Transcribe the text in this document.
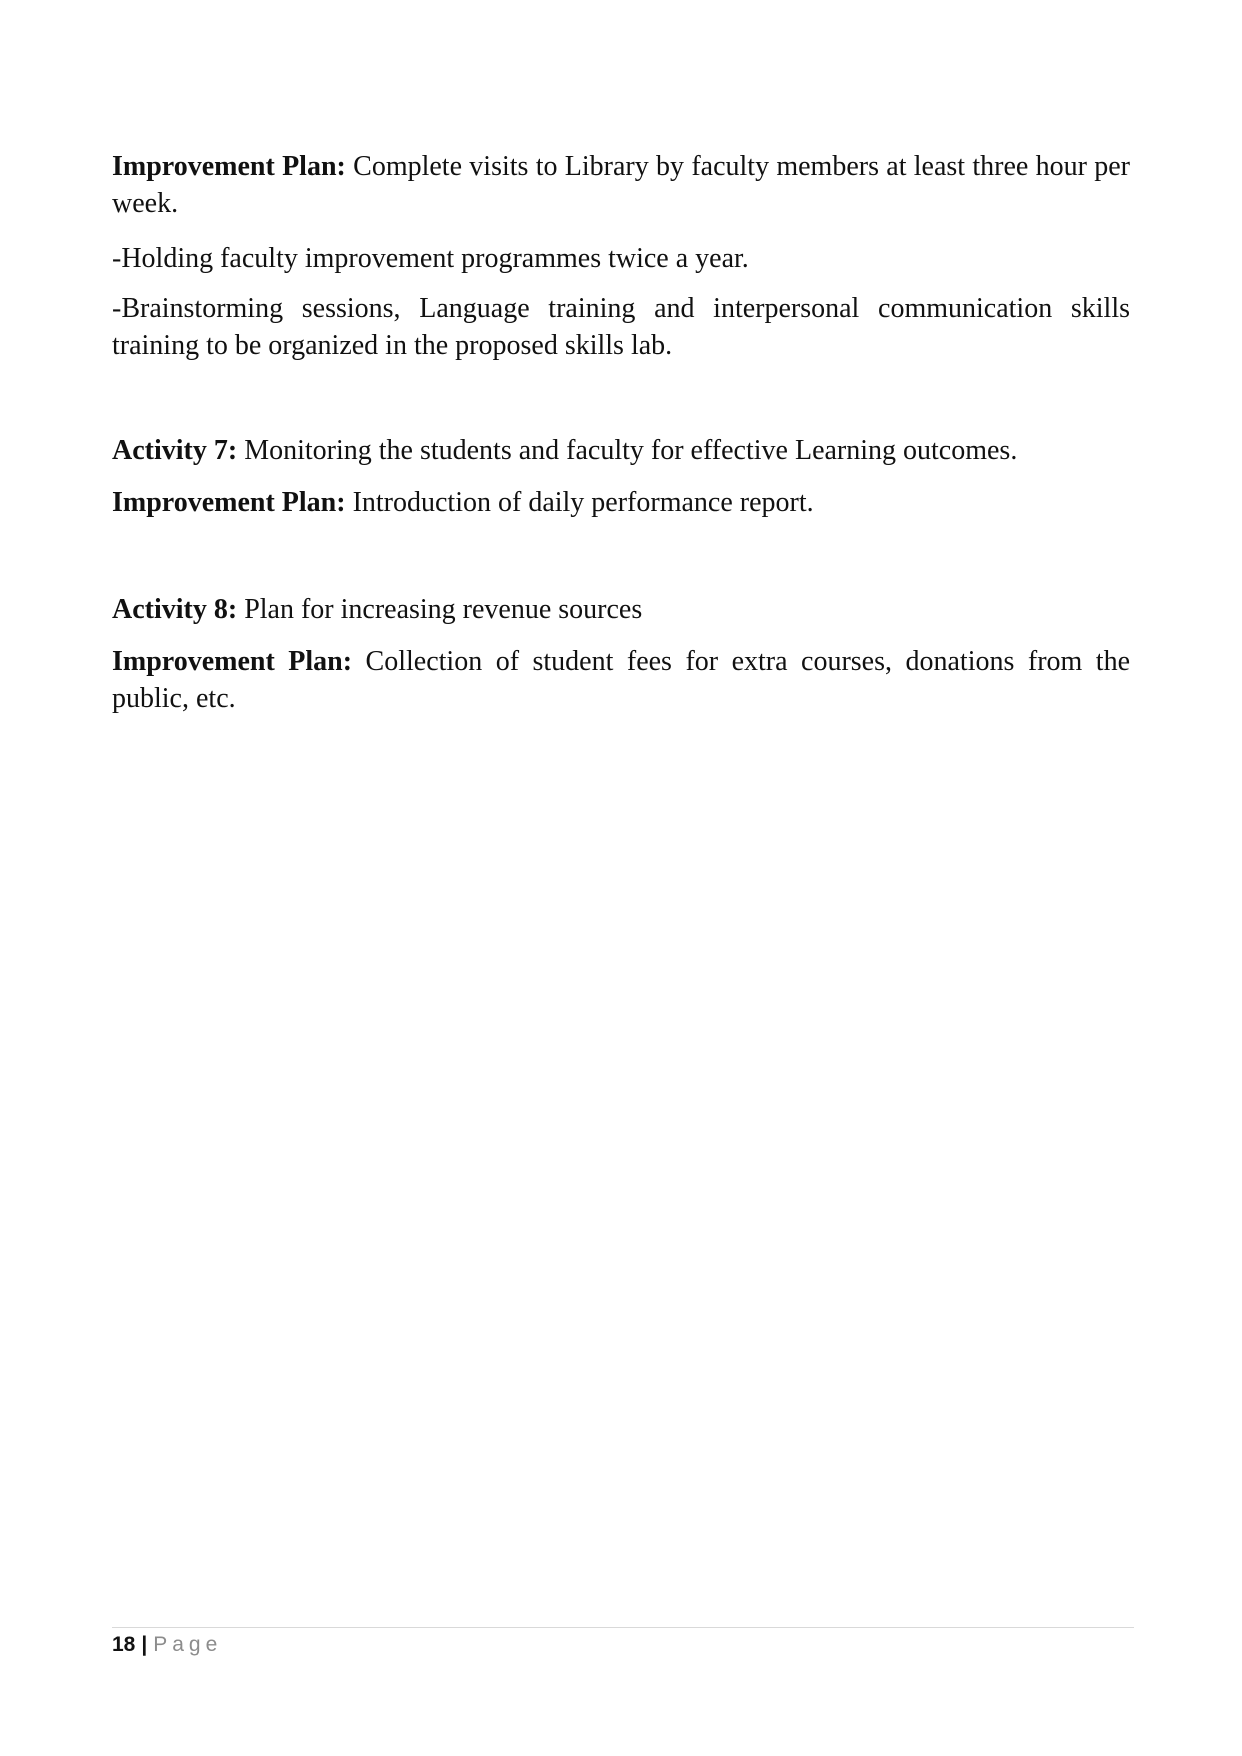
Improvement Plan: Complete visits to Library by faculty members at least three hour per week.

-Holding faculty improvement programmes twice a year.

-Brainstorming sessions, Language training and interpersonal communication skills training to be organized in the proposed skills lab.

Activity 7: Monitoring the students and faculty for effective Learning outcomes.

Improvement Plan: Introduction of daily performance report.

Activity 8: Plan for increasing revenue sources

Improvement Plan: Collection of student fees for extra courses, donations from the public, etc.

18 | Page
